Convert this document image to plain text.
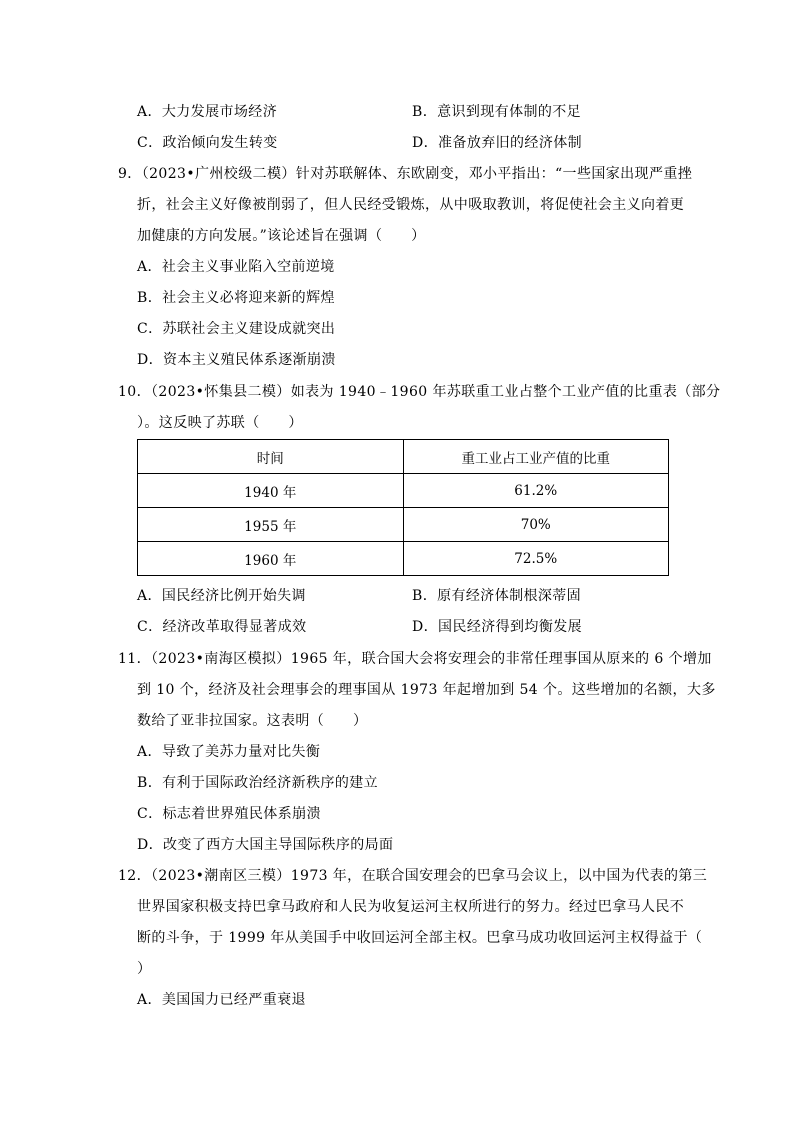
A．大力发展市场经济	B．意识到现有体制的不足
C．政治倾向发生转变	D．准备放弃旧的经济体制
9．（2023•广州校级二模）针对苏联解体、东欧剧变，邓小平指出：“一些国家出现严重挫
折，社会主义好像被削弱了，但人民经受锻炼，从中吸取教训，将促使社会主义向着更
加健康的方向发展。”该论述旨在强调（　　）
A．社会主义事业陷入空前逆境
B．社会主义必将迎来新的辉煌
C．苏联社会主义建设成就突出
D．资本主义殖民体系逐渐崩溃
10．（2023•怀集县二模）如表为 1940﹣1960 年苏联重工业占整个工业产值的比重表（部分
）。这反映了苏联（　　）
时间	重工业占工业产值的比重
1940 年	61.2%
1955 年	70%
1960 年	72.5%
A．国民经济比例开始失调	B．原有经济体制根深蒂固
C．经济改革取得显著成效	D．国民经济得到均衡发展
11．（2023•南海区模拟）1965 年，联合国大会将安理会的非常任理事国从原来的 6 个增加
到 10 个，经济及社会理事会的理事国从 1973 年起增加到 54 个。这些增加的名额，大多
数给了亚非拉国家。这表明（　　）
A．导致了美苏力量对比失衡
B．有利于国际政治经济新秩序的建立
C．标志着世界殖民体系崩溃
D．改变了西方大国主导国际秩序的局面
12．（2023•潮南区三模）1973 年，在联合国安理会的巴拿马会议上，以中国为代表的第三
世界国家积极支持巴拿马政府和人民为收复运河主权所进行的努力。经过巴拿马人民不
断的斗争，于 1999 年从美国手中收回运河全部主权。巴拿马成功收回运河主权得益于（
）
A．美国国力已经严重衰退
